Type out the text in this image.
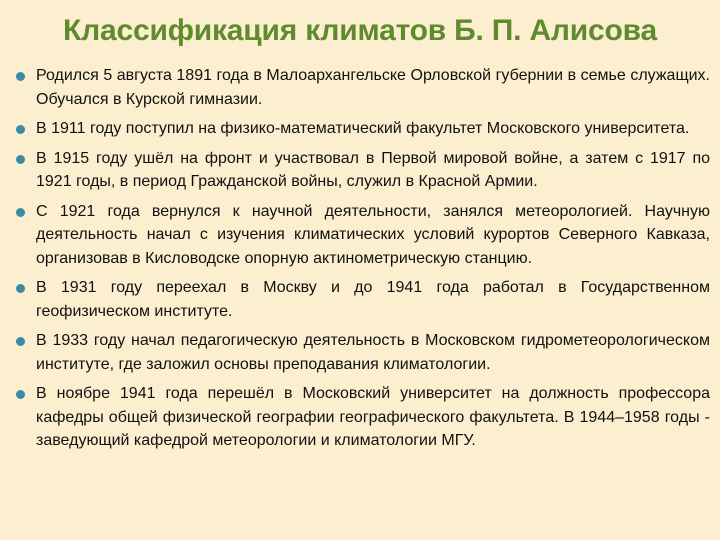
Классификация климатов Б. П. Алисова
Родился 5 августа 1891 года в Малоархангельске Орловской губернии в семье служащих. Обучался в Курской гимназии.
В 1911 году поступил на физико-математический факультет Московского университета.
В 1915 году ушёл на фронт и участвовал в Первой мировой войне, а затем с 1917 по 1921 годы, в период Гражданской войны, служил в Красной Армии.
С 1921 года вернулся к научной деятельности, занялся метеорологией. Научную деятельность начал с изучения климатических условий курортов Северного Кавказа, организовав в Кисловодске опорную актинометрическую станцию.
В 1931 году переехал в Москву и до 1941 года работал в Государственном геофизическом институте.
В 1933 году начал педагогическую деятельность в Московском гидрометеорологическом институте, где заложил основы преподавания климатологии.
В ноябре 1941 года перешёл в Московский университет на должность профессора кафедры общей физической географии географического факультета. В 1944–1958 годы - заведующий кафедрой метеорологии и климатологии МГУ.
